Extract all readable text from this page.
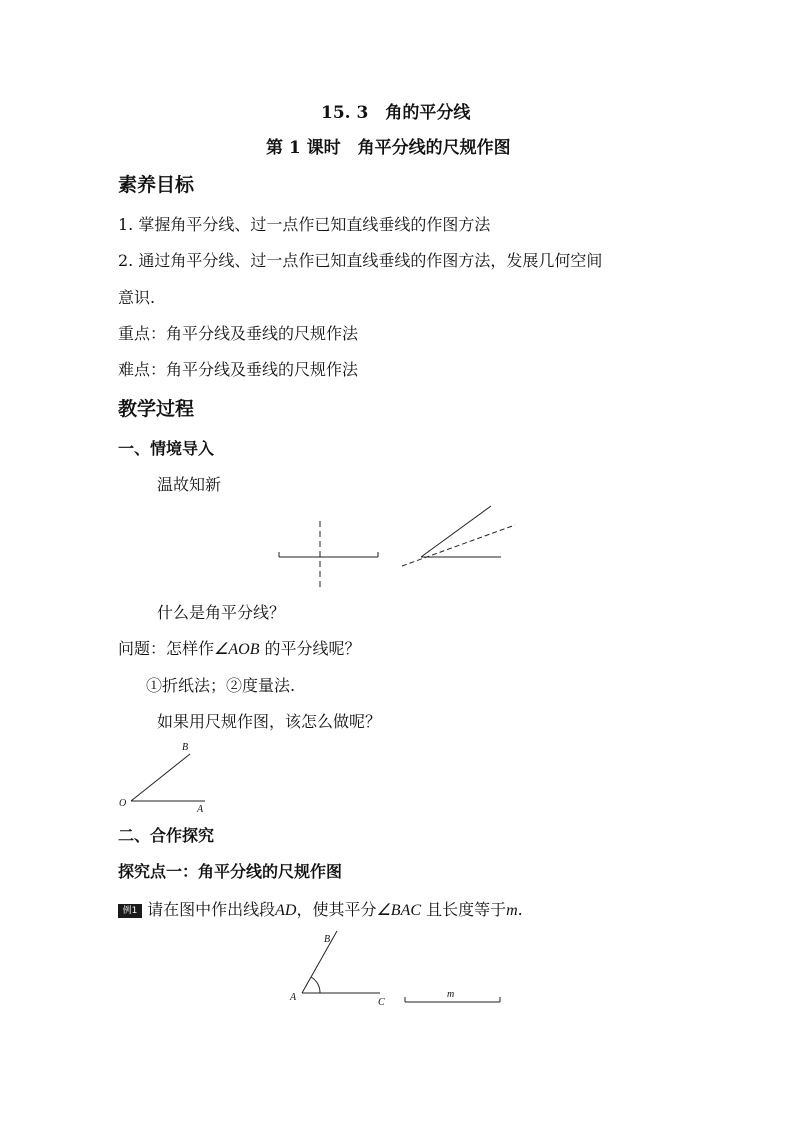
15. 3　角的平分线
第 1 课时　角平分线的尺规作图
素养目标
1. 掌握角平分线、过一点作已知直线垂线的作图方法
2. 通过角平分线、过一点作已知直线垂线的作图方法，发展几何空间
意识.
重点：角平分线及垂线的尺规作法
难点：角平分线及垂线的尺规作法
教学过程
一、情境导入
温故知新
什么是角平分线？
问题：怎样作∠AOB 的平分线呢？
①折纸法；②度量法.
如果用尺规作图，该怎么做呢？
B
O
A
二、合作探究
探究点一：角平分线的尺规作图
例1 请在图中作出线段AD，使其平分∠BAC 且长度等于m.
B
A	C
m
